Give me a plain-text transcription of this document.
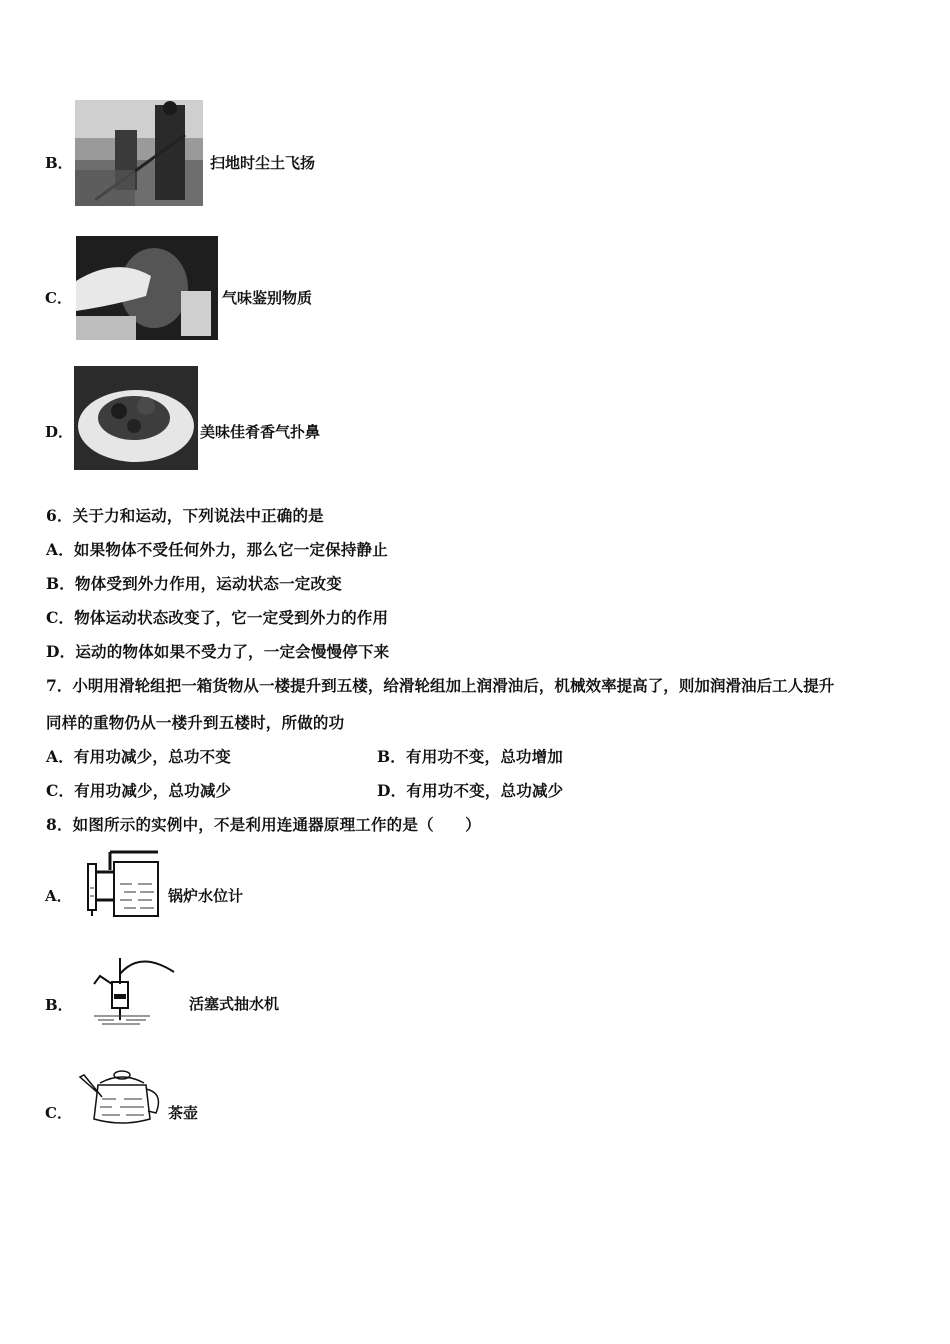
B．	扫地时尘土飞扬
C．	气味鉴别物质
D．	美味佳肴香气扑鼻
6．关于力和运动，下列说法中正确的是
A．如果物体不受任何外力，那么它一定保持静止
B．物体受到外力作用，运动状态一定改变
C．物体运动状态改变了，它一定受到外力的作用
D．运动的物体如果不受力了，一定会慢慢停下来
7．小明用滑轮组把一箱货物从一楼提升到五楼，给滑轮组加上润滑油后，机械效率提高了，则加润滑油后工人提升
同样的重物仍从一楼升到五楼时，所做的功
A．有用功减少，总功不变	B．有用功不变，总功增加
C．有用功减少，总功减少	D．有用功不变，总功减少
8．如图所示的实例中，不是利用连通器原理工作的是（　　）
A．	锅炉水位计
B．	活塞式抽水机
C．	茶壶
